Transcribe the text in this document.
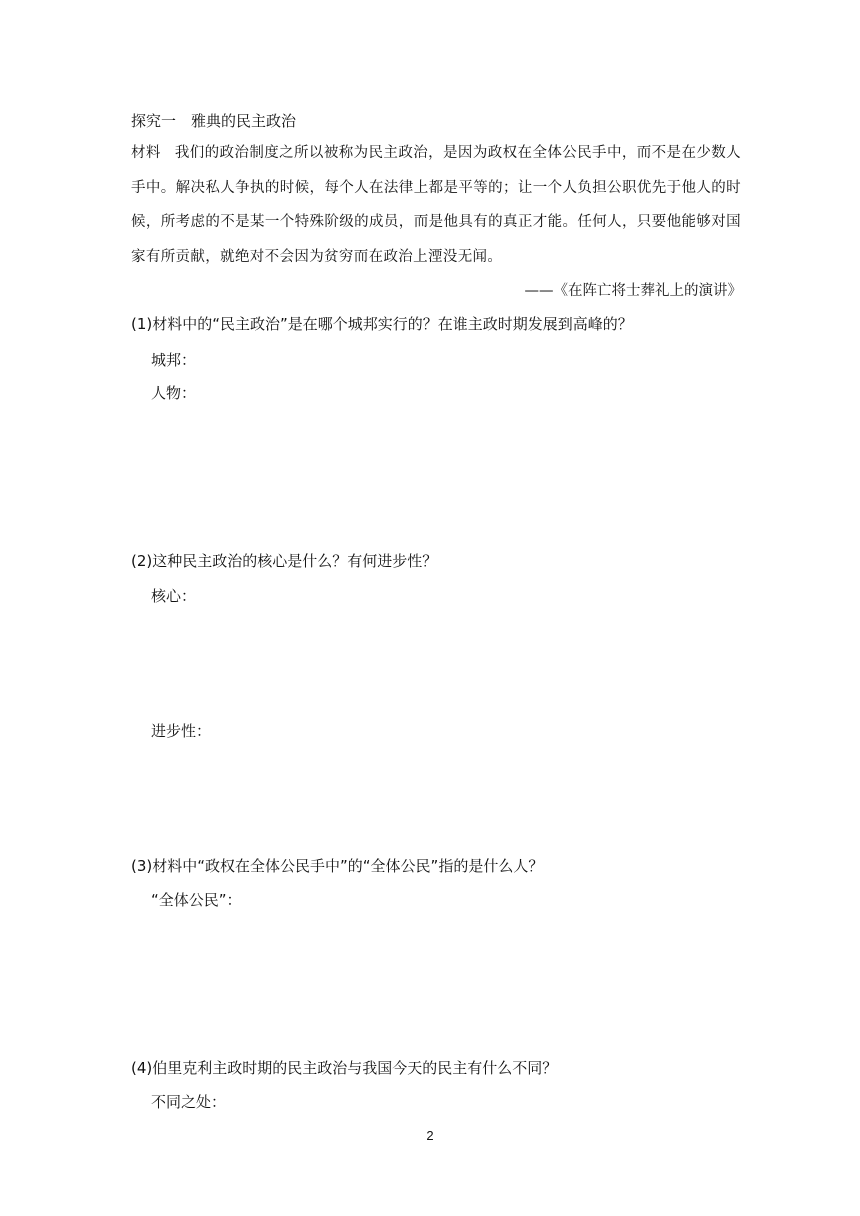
探究一　雅典的民主政治
材料 我们的政治制度之所以被称为民主政治，是因为政权在全体公民手中，而不是在少数人手中。解决私人争执的时候，每个人在法律上都是平等的；让一个人负担公职优先于他人的时候，所考虑的不是某一个特殊阶级的成员，而是他具有的真正才能。任何人，只要他能够对国家有所贡献，就绝对不会因为贫穷而在政治上湮没无闻。
——《在阵亡将士葬礼上的演讲》
(1)材料中的“民主政治”是在哪个城邦实行的？在谁主政时期发展到高峰的？
城邦：
人物：
(2)这种民主政治的核心是什么？有何进步性？
核心：
进步性：
(3)材料中“政权在全体公民手中”的“全体公民”指的是什么人？
“全体公民”：
(4)伯里克利主政时期的民主政治与我国今天的民主有什么不同？
不同之处：
2
